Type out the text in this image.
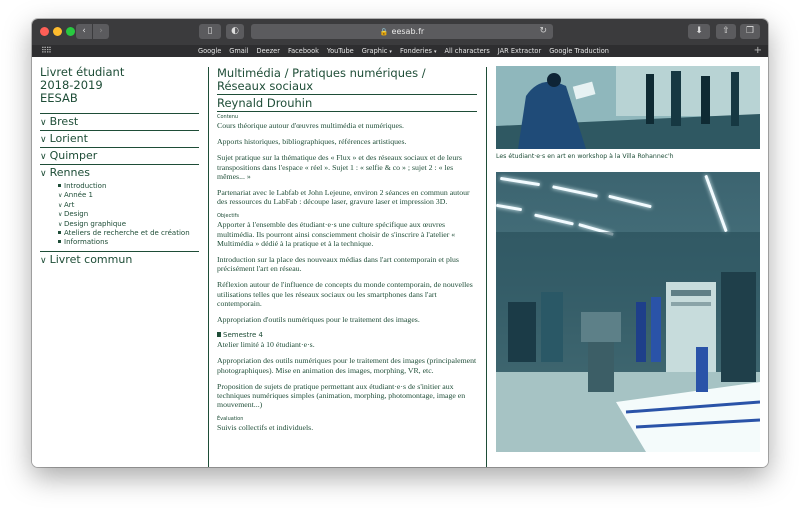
‹	›	▯	◐	🔒 eesab.fr	↻	⬇	⇧	❐
⠿⠿	Google Gmail Deezer Facebook YouTube Graphic ▾ Fonderies ▾ All characters JAR Extractor Google Traduction	+
Livret étudiant
2018-2019
EESAB
∨ Brest
∨ Lorient
∨ Quimper
∨ Rennes
Introduction
∨ Année 1
∨ Art
∨ Design
∨ Design graphique
Ateliers de recherche et de création
Informations
∨ Livret commun
Multimédia / Pratiques numériques / Réseaux sociaux
Reynald Drouhin
Contenu

Cours théorique autour d'œuvres multimédia et numériques.

Apports historiques, bibliographiques, références artistiques.

Sujet pratique sur la thématique des « Flux » et des réseaux sociaux et de leurs transpositions dans l'espace « réel ». Sujet 1 : « selfie & co » ; sujet 2 : « les mêmes... »

Partenariat avec le Labfab et John Lejeune, environ 2 séances en commun autour des ressources du LabFab : découpe laser, gravure laser et impression 3D.

Objectifs

Apporter à l'ensemble des étudiant·e·s une culture spécifique aux œuvres multimédia. Ils pourront ainsi consciemment choisir de s'inscrire à l'atelier « Multimédia » dédié à la pratique et à la technique.

Introduction sur la place des nouveaux médias dans l'art contemporain et plus précisément l'art en réseau.

Réflexion autour de l'influence de concepts du monde contemporain, de nouvelles utilisations telles que les réseaux sociaux ou les smartphones dans l'art contemporain.

Appropriation d'outils numériques pour le traitement des images.

Semestre 4

Atelier limité à 10 étudiant·e·s.

Appropriation des outils numériques pour le traitement des images (principalement photographiques). Mise en animation des images, morphing, VR, etc.

Proposition de sujets de pratique permettant aux étudiant·e·s de s'initier aux techniques numériques simples (animation, morphing, photomontage, image en mouvement...)

Évaluation

Suivis collectifs et individuels.

Les étudiant·e·s en art en workshop à la Villa Rohannec'h
